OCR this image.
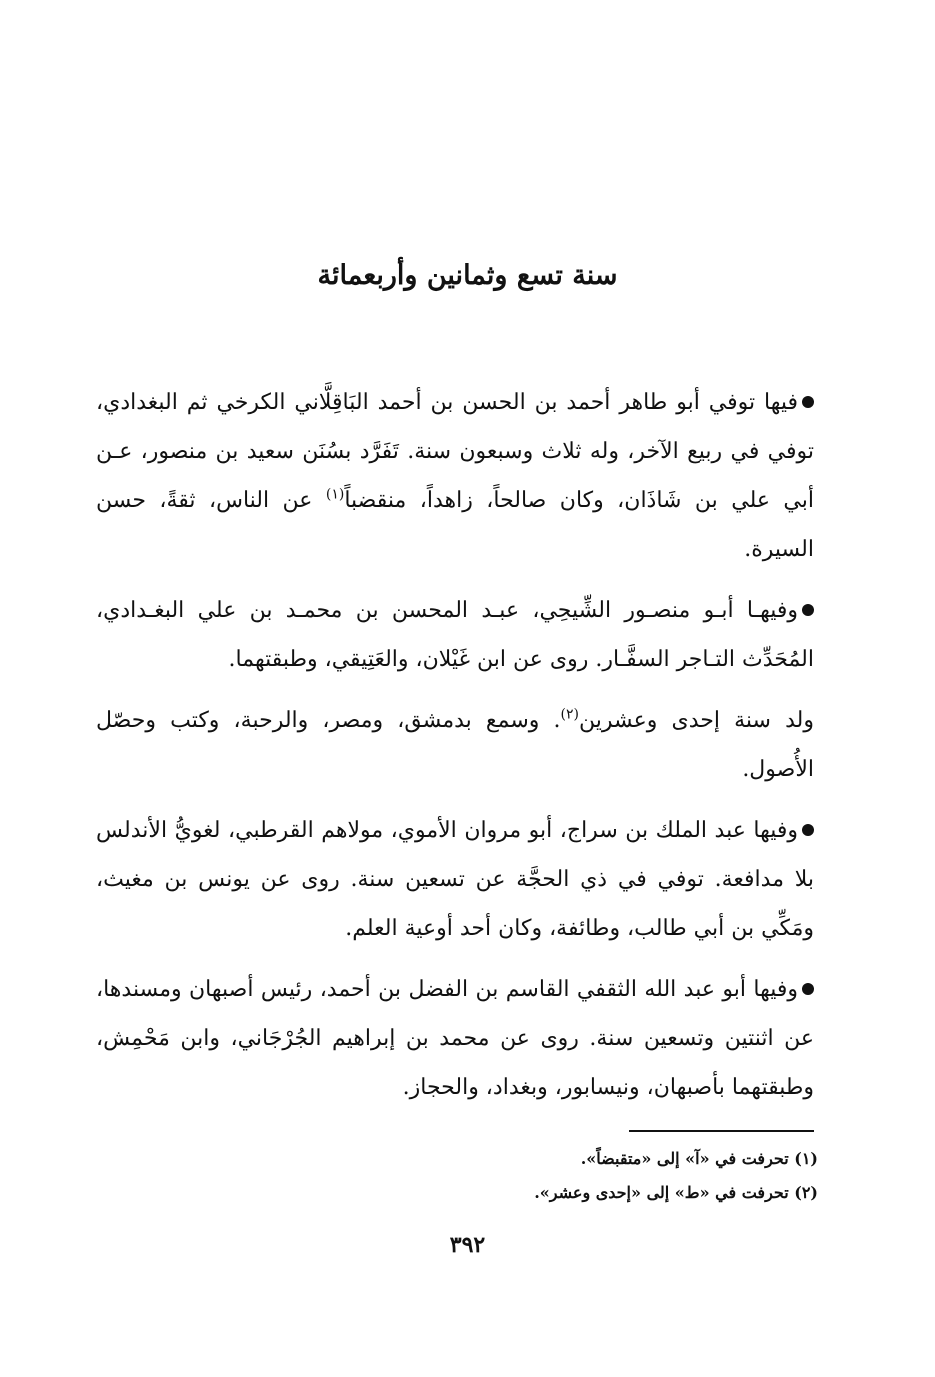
سنة تسع وثمانين وأربعمائة

فيها توفي أبو طاهر أحمد بن الحسن بن أحمد البَاقِلَّاني الكرخي ثم البغدادي، توفي في ربيع الآخر، وله ثلاث وسبعون سنة. تَفَرَّد بسُنَن سعيد بن منصور، عـن أبي علي بن شَاذَان، وكان صالحاً، زاهداً، منقضباً$^{(١)}$ عن الناس، ثقةً، حسن السيرة.

وفيهـا أبـو منصـور الشِّيحِي، عبـد المحسن بن محمـد بن علي البغـدادي، المُحَدِّث التـاجر السفَّـار. روى عن ابن غَيْلان، والعَتِيقي، وطبقتهما.

ولد سنة إحدى وعشرين$^{(٢)}$. وسمع بدمشق، ومصر، والرحبة، وكتب وحصّل الأُصول.

وفيها عبد الملك بن سراج، أبو مروان الأموي، مولاهم القرطبي، لغويُّ الأندلس بلا مدافعة. توفي في ذي الحجَّة عن تسعين سنة. روى عن يونس بن مغيث، ومَكِّي بن أبي طالب، وطائفة، وكان أحد أوعية العلم.

وفيها أبو عبد الله الثقفي القاسم بن الفضل بن أحمد، رئيس أصبهان ومسندها، عن اثنتين وتسعين سنة. روى عن محمد بن إبراهيم الجُرْجَاني، وابن مَحْمِش، وطبقتهما بأصبهان، ونيسابور، وبغداد، والحجاز.

(١) تحرفت في «آ» إلى «متقبضاً».

(٢) تحرفت في «ط» إلى «إحدى وعشر».

٣٩٢
